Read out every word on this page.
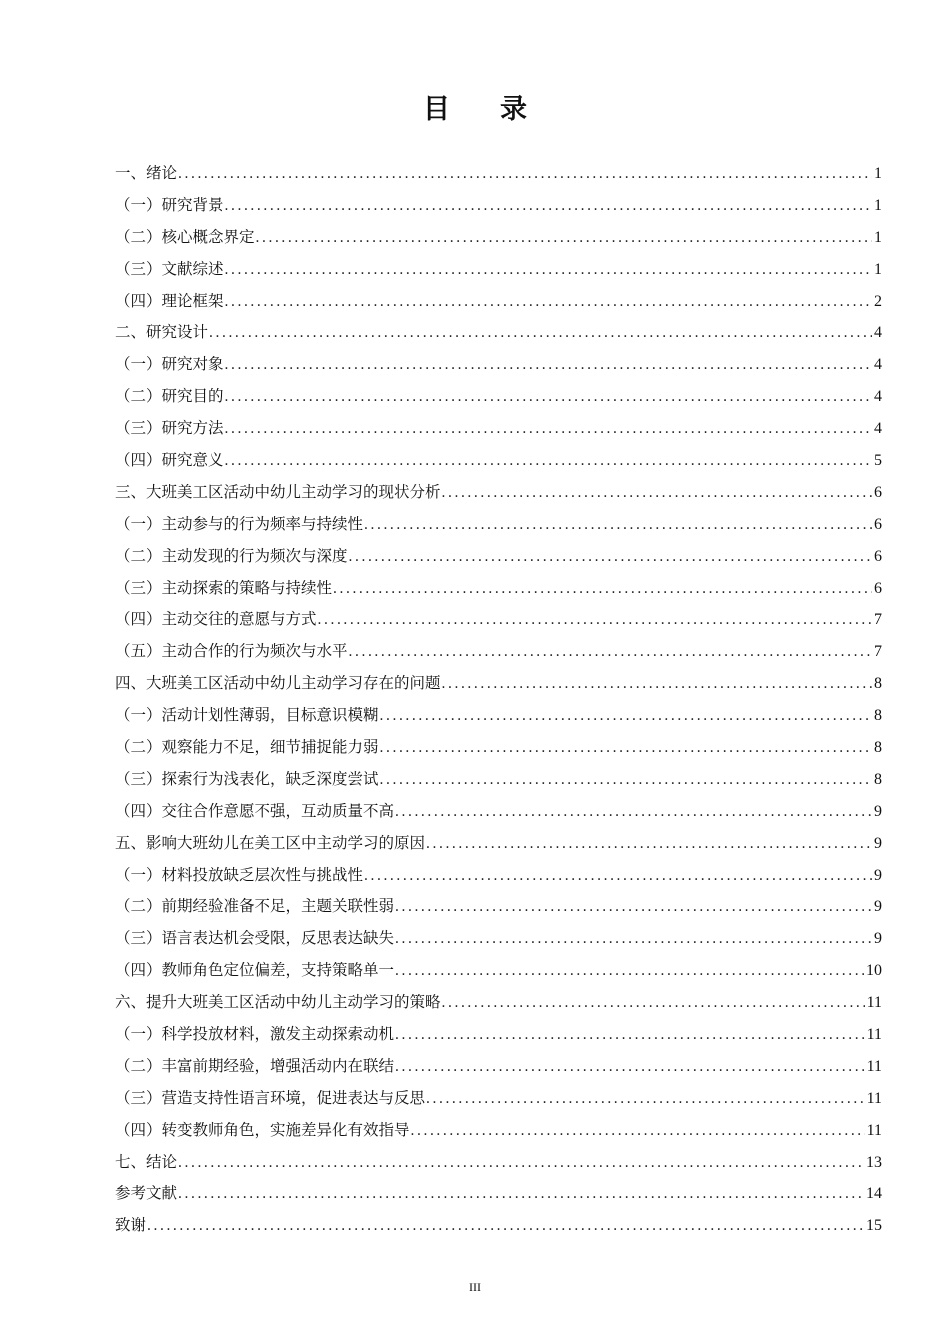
目 录
一、绪论 .....	1
（一）研究背景 .....	1
（二）核心概念界定 .....	1
（三）文献综述 .....	1
（四）理论框架 .....	2
二、研究设计 .....	4
（一）研究对象 .....	4
（二）研究目的 .....	4
（三）研究方法 .....	4
（四）研究意义 .....	5
三、大班美工区活动中幼儿主动学习的现状分析 .....	6
（一）主动参与的行为频率与持续性 .....	6
（二）主动发现的行为频次与深度 .....	6
（三）主动探索的策略与持续性 .....	6
（四）主动交往的意愿与方式 .....	7
（五）主动合作的行为频次与水平 .....	7
四、大班美工区活动中幼儿主动学习存在的问题 .....	8
（一）活动计划性薄弱，目标意识模糊 .....	8
（二）观察能力不足，细节捕捉能力弱 .....	8
（三）探索行为浅表化，缺乏深度尝试 .....	8
（四）交往合作意愿不强，互动质量不高 .....	9
五、影响大班幼儿在美工区中主动学习的原因 .....	9
（一）材料投放缺乏层次性与挑战性 .....	9
（二）前期经验准备不足，主题关联性弱 .....	9
（三）语言表达机会受限，反思表达缺失 .....	9
（四）教师角色定位偏差，支持策略单一 .....	10
六、提升大班美工区活动中幼儿主动学习的策略 .....	11
（一）科学投放材料，激发主动探索动机 .....	11
（二）丰富前期经验，增强活动内在联结 .....	11
（三）营造支持性语言环境，促进表达与反思 .....	11
（四）转变教师角色，实施差异化有效指导 .....	11
七、结论 .....	13
参考文献 .....	14
致谢 .....	15
III
